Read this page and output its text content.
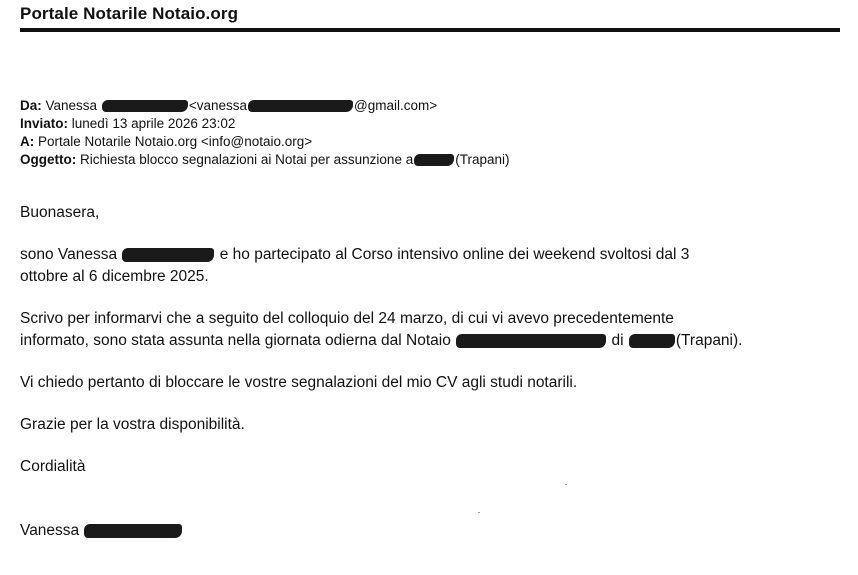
Portale Notarile Notaio.org
Da: Vanessa	<vanessa	@gmail.com>
Inviato: lunedì 13 aprile 2026 23:02
A: Portale Notarile Notaio.org <info@notaio.org>
Oggetto: Richiesta blocco segnalazioni ai Notai per assunzione a	(Trapani)
Buonasera,
sono Vanessa	e ho partecipato al Corso intensivo online dei weekend svoltosi dal 3
ottobre al 6 dicembre 2025.
Scrivo per informarvi che a seguito del colloquio del 24 marzo, di cui vi avevo precedentemente
informato, sono stata assunta nella giornata odierna dal Notaio	di	(Trapani).
Vi chiedo pertanto di bloccare le vostre segnalazioni del mio CV agli studi notarili.
Grazie per la vostra disponibilità.
Cordialità
Vanessa
